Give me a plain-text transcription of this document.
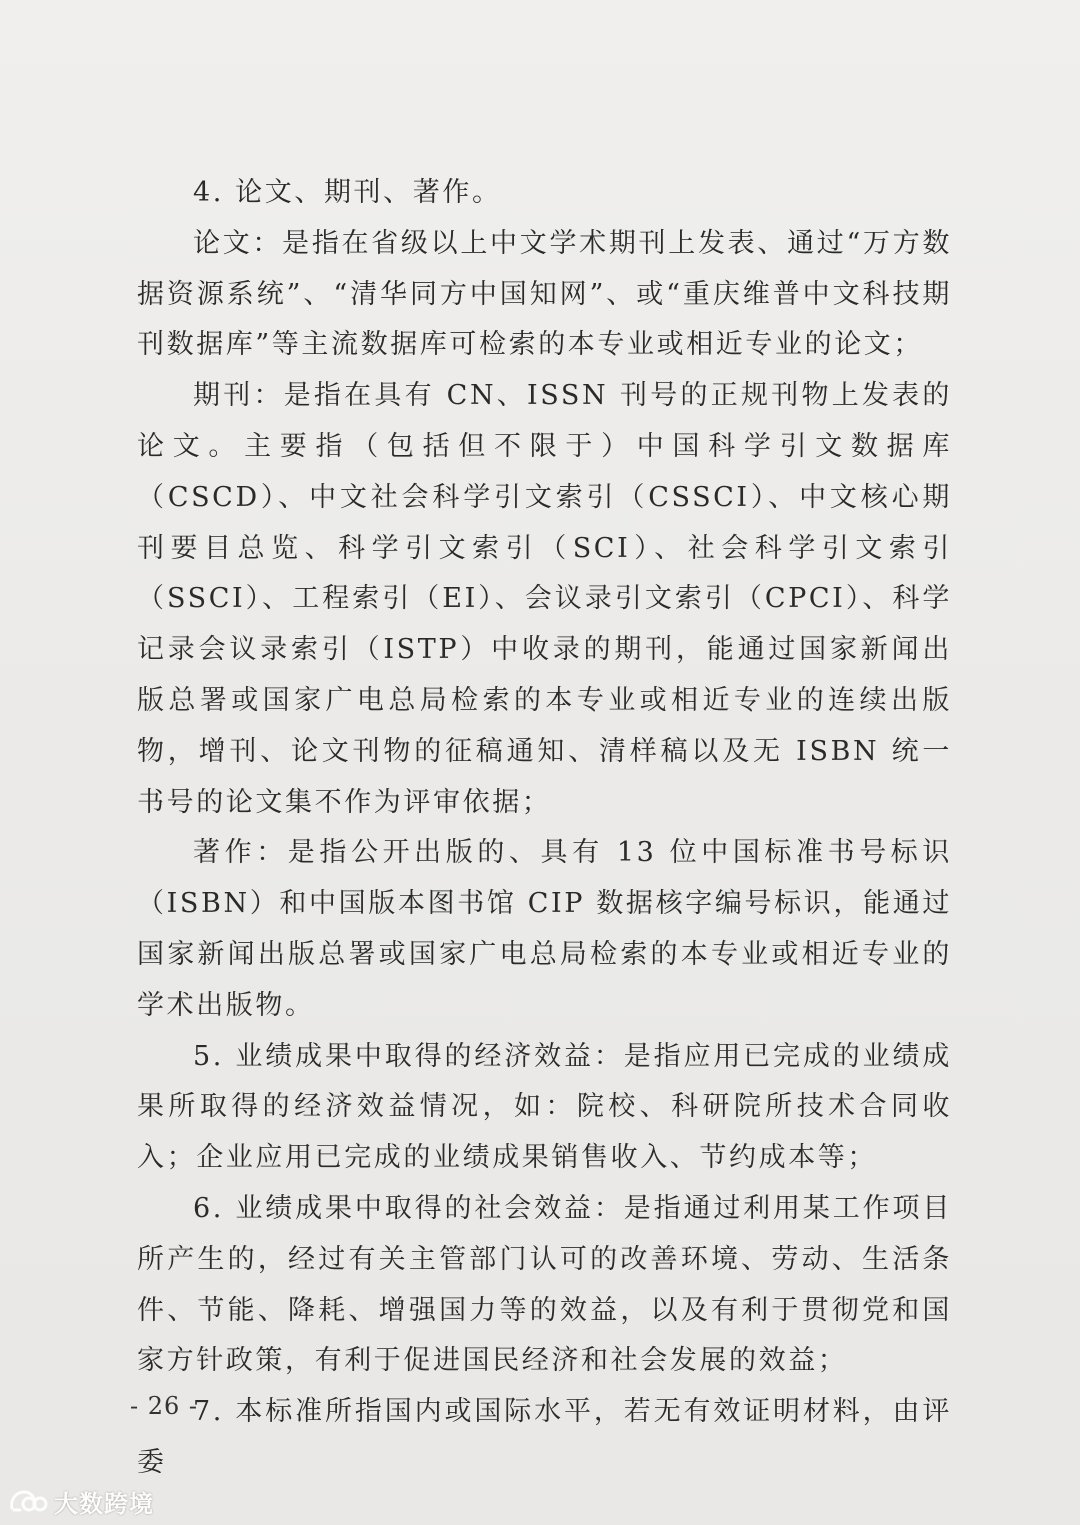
4. 论文、期刊、著作。

论文：是指在省级以上中文学术期刊上发表、通过“万方数据资源系统”、“清华同方中国知网”、或“重庆维普中文科技期刊数据库”等主流数据库可检索的本专业或相近专业的论文；

期刊：是指在具有 CN、ISSN 刊号的正规刊物上发表的论文。主要指（包括但不限于）中国科学引文数据库（CSCD）、中文社会科学引文索引（CSSCI）、中文核心期刊要目总览、科学引文索引（SCI）、社会科学引文索引（SSCI）、工程索引（EI）、会议录引文索引（CPCI）、科学记录会议录索引（ISTP）中收录的期刊，能通过国家新闻出版总署或国家广电总局检索的本专业或相近专业的连续出版物，增刊、论文刊物的征稿通知、清样稿以及无 ISBN 统一书号的论文集不作为评审依据；

著作：是指公开出版的、具有 13 位中国标准书号标识（ISBN）和中国版本图书馆 CIP 数据核字编号标识，能通过国家新闻出版总署或国家广电总局检索的本专业或相近专业的学术出版物。

5. 业绩成果中取得的经济效益：是指应用已完成的业绩成果所取得的经济效益情况，如：院校、科研院所技术合同收入；企业应用已完成的业绩成果销售收入、节约成本等；

6. 业绩成果中取得的社会效益：是指通过利用某工作项目所产生的，经过有关主管部门认可的改善环境、劳动、生活条件、节能、降耗、增强国力等的效益，以及有利于贯彻党和国家方针政策，有利于促进国民经济和社会发展的效益；

7. 本标准所指国内或国际水平，若无有效证明材料，由评委

- 26 -
大数跨境
